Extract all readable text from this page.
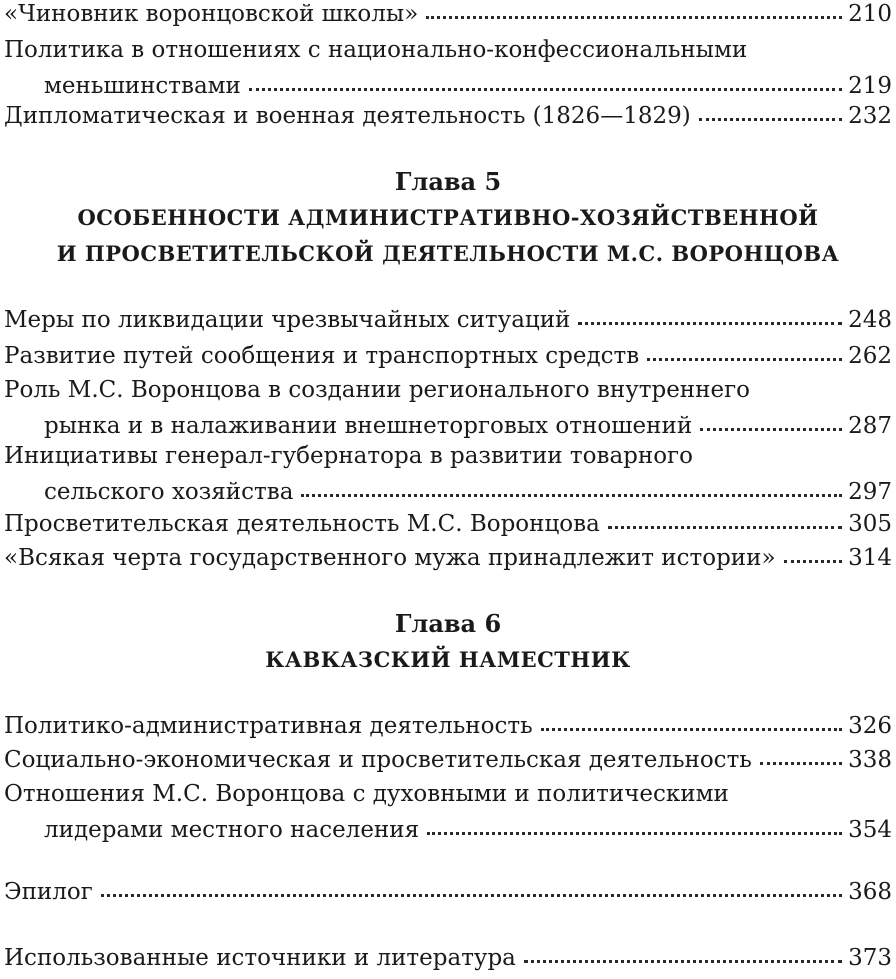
«Чиновник воронцовской школы»	210
Политика в отношениях с национально-конфессиональными
меньшинствами	219
Дипломатическая и военная деятельность (1826—1829)	232
Глава 5
ОСОБЕННОСТИ АДМИНИСТРАТИВНО-ХОЗЯЙСТВЕННОЙ
И ПРОСВЕТИТЕЛЬСКОЙ ДЕЯТЕЛЬНОСТИ М.С. ВОРОНЦОВА
Меры по ликвидации чрезвычайных ситуаций	248
Развитие путей сообщения и транспортных средств	262
Роль М.С. Воронцова в создании регионального внутреннего
рынка и в налаживании внешнеторговых отношений	287
Инициативы генерал-губернатора в развитии товарного
сельского хозяйства	297
Просветительская деятельность М.С. Воронцова	305
«Всякая черта государственного мужа принадлежит истории»	314
Глава 6
КАВКАЗСКИЙ НАМЕСТНИК
Политико-административная деятельность	326
Социально-экономическая и просветительская деятельность	338
Отношения М.С. Воронцова с духовными и политическими
лидерами местного населения	354
Эпилог	368
Использованные источники и литература	373
